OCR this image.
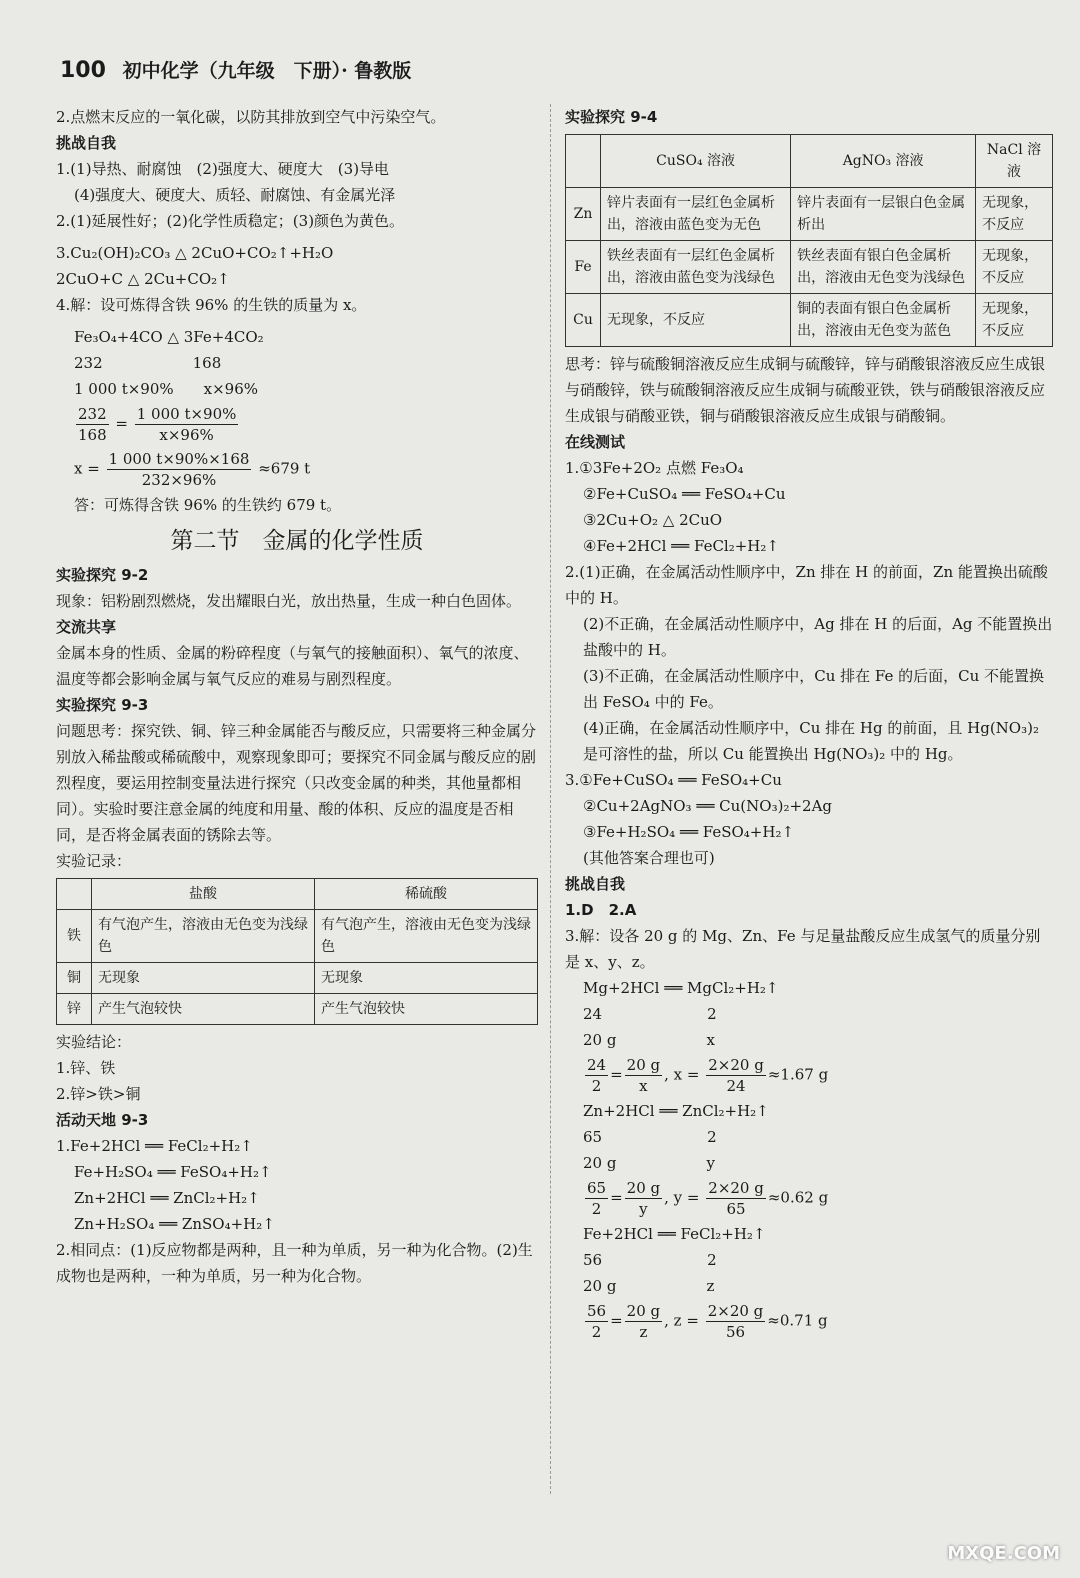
100 初中化学（九年级　下册）· 鲁教版
2.点燃末反应的一氧化碳，以防其排放到空气中污染空气。
挑战自我
1.(1)导热、耐腐蚀　(2)强度大、硬度大　(3)导电
(4)强度大、硬度大、质轻、耐腐蚀、有金属光泽
2.(1)延展性好；(2)化学性质稳定；(3)颜色为黄色。
3.Cu₂(OH)₂CO₃ △ 2CuO+CO₂↑+H₂O
2CuO+C △ 2Cu+CO₂↑
4.解：设可炼得含铁 96% 的生铁的质量为 x。
Fe₃O₄+4CO △ 3Fe+4CO₂
232　　　　　　168
1 000 t×90%　　x×96%
$\frac{232}{168} = \frac{1 000 t\times 90\%}{x\times 96\%}$
$x = \frac{1 000 t\times 90\%\times 168}{232\times 96\%} \approx 679$ t
答：可炼得含铁 96% 的生铁约 679 t。
第二节　金属的化学性质
实验探究 9-2
现象：铝粉剧烈燃烧，发出耀眼白光，放出热量，生成一种白色固体。
交流共享
金属本身的性质、金属的粉碎程度（与氧气的接触面积）、氧气的浓度、温度等都会影响金属与氧气反应的难易与剧烈程度。
实验探究 9-3
问题思考：探究铁、铜、锌三种金属能否与酸反应，只需要将三种金属分别放入稀盐酸或稀硫酸中，观察现象即可；要探究不同金属与酸反应的剧烈程度，要运用控制变量法进行探究（只改变金属的种类，其他量都相同）。实验时要注意金属的纯度和用量、酸的体积、反应的温度是否相同，是否将金属表面的锈除去等。
实验记录：
	盐酸	稀硫酸
铁	有气泡产生，溶液由无色变为浅绿色	有气泡产生，溶液由无色变为浅绿色
铜	无现象	无现象
锌	产生气泡较快	产生气泡较快
实验结论：
1.锌、铁
2.锌>铁>铜
活动天地 9-3
1.Fe+2HCl ══ FeCl₂+H₂↑
Fe+H₂SO₄ ══ FeSO₄+H₂↑
Zn+2HCl ══ ZnCl₂+H₂↑
Zn+H₂SO₄ ══ ZnSO₄+H₂↑
2.相同点：(1)反应物都是两种，且一种为单质，另一种为化合物。(2)生成物也是两种，一种为单质，另一种为化合物。
实验探究 9-4
	CuSO₄ 溶液	AgNO₃ 溶液	NaCl 溶液
Zn	锌片表面有一层红色金属析出，溶液由蓝色变为无色	锌片表面有一层银白色金属析出	无现象，不反应
Fe	铁丝表面有一层红色金属析出，溶液由蓝色变为浅绿色	铁丝表面有银白色金属析出，溶液由无色变为浅绿色	无现象，不反应
Cu	无现象，不反应	铜的表面有银白色金属析出，溶液由无色变为蓝色	无现象，不反应
思考：锌与硫酸铜溶液反应生成铜与硫酸锌，锌与硝酸银溶液反应生成银与硝酸锌，铁与硫酸铜溶液反应生成铜与硫酸亚铁，铁与硝酸银溶液反应生成银与硝酸亚铁，铜与硝酸银溶液反应生成银与硝酸铜。
在线测试
1.①3Fe+2O₂ 点燃 Fe₃O₄
②Fe+CuSO₄ ══ FeSO₄+Cu
③2Cu+O₂ △ 2CuO
④Fe+2HCl ══ FeCl₂+H₂↑
2.(1)正确，在金属活动性顺序中，Zn 排在 H 的前面，Zn 能置换出硫酸中的 H。
(2)不正确，在金属活动性顺序中，Ag 排在 H 的后面，Ag 不能置换出盐酸中的 H。
(3)不正确，在金属活动性顺序中，Cu 排在 Fe 的后面，Cu 不能置换出 FeSO₄ 中的 Fe。
(4)正确，在金属活动性顺序中，Cu 排在 Hg 的前面，且 Hg(NO₃)₂ 是可溶性的盐，所以 Cu 能置换出 Hg(NO₃)₂ 中的 Hg。
3.①Fe+CuSO₄ ══ FeSO₄+Cu
②Cu+2AgNO₃ ══ Cu(NO₃)₂+2Ag
③Fe+H₂SO₄ ══ FeSO₄+H₂↑
(其他答案合理也可)
挑战自我
1.D　2.A
3.解：设各 20 g 的 Mg、Zn、Fe 与足量盐酸反应生成氢气的质量分别是 x、y、z。
Mg+2HCl ══ MgCl₂+H₂↑
24　　　　　　　2
20 g　　　　　　x
$\frac{24}{2} = \frac{20 g}{x}$ , $x = \frac{2\times 20 g}{24} \approx 1.67$ g
Zn+2HCl ══ ZnCl₂+H₂↑
65　　　　　　　2
20 g　　　　　　y
$\frac{65}{2} = \frac{20 g}{y}$ , $y = \frac{2\times 20 g}{65} \approx 0.62$ g
Fe+2HCl ══ FeCl₂+H₂↑
56　　　　　　　2
20 g　　　　　　z
$\frac{56}{2} = \frac{20 g}{z}$ , $z = \frac{2\times 20 g}{56} \approx 0.71$ g
MXQE.COM
